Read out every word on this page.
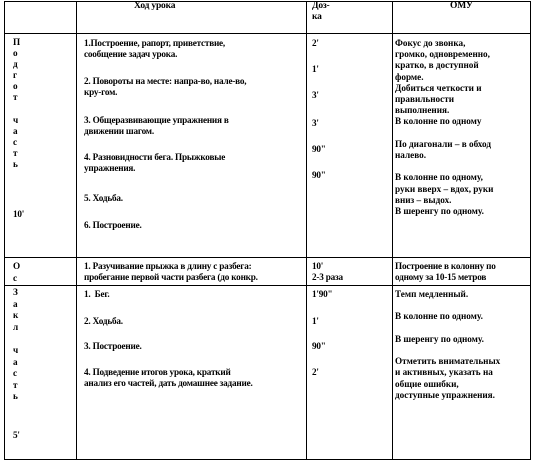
Ход урока	Доз-
ка
ОМУ
П
о
д
г
о
т

ч
а
с
т
ь

10'
Фокус до звонка,
громко, одновременно,
кратко, в доступной
форме.
Добиться четкости и
правильности
выполнения.
В колонне по одному

По диагонали – в обход
налево.

В колонне по одному,
руки вверх – вдох, руки
вниз – выдох.
В шеренгу по одному.
О
с
10'
2-3 раза
Построение в колонну по
одному за 10-15 метров
З
а
к
л

ч
а
с
т
ь

5'
Темп медленный.

В колонне по одному.

В шеренгу по одному.

Отметить внимательных
и активных, указать на
общие ошибки,
доступные упражнения.
1.Построение, рапорт, приветствие,
сообщение задач урока.
2. Повороты на месте: напра-во, нале-во,
кру-гом.
3. Общеразвивающие упражнения в
движении шагом.
4. Разновидности бега. Прыжковые
упражнения.
5. Ходьба.
6. Построение.
2'
1'
3'
3'
90"
90"
1. Разучивание прыжка в длину с разбега:
пробегание первой части разбега (до конкр.
1.  Бег.
2. Ходьба.
3. Построение.
4. Подведение итогов урока, краткий
анализ его частей, дать домашнее задание.
1'90"
1'
90"
2'
